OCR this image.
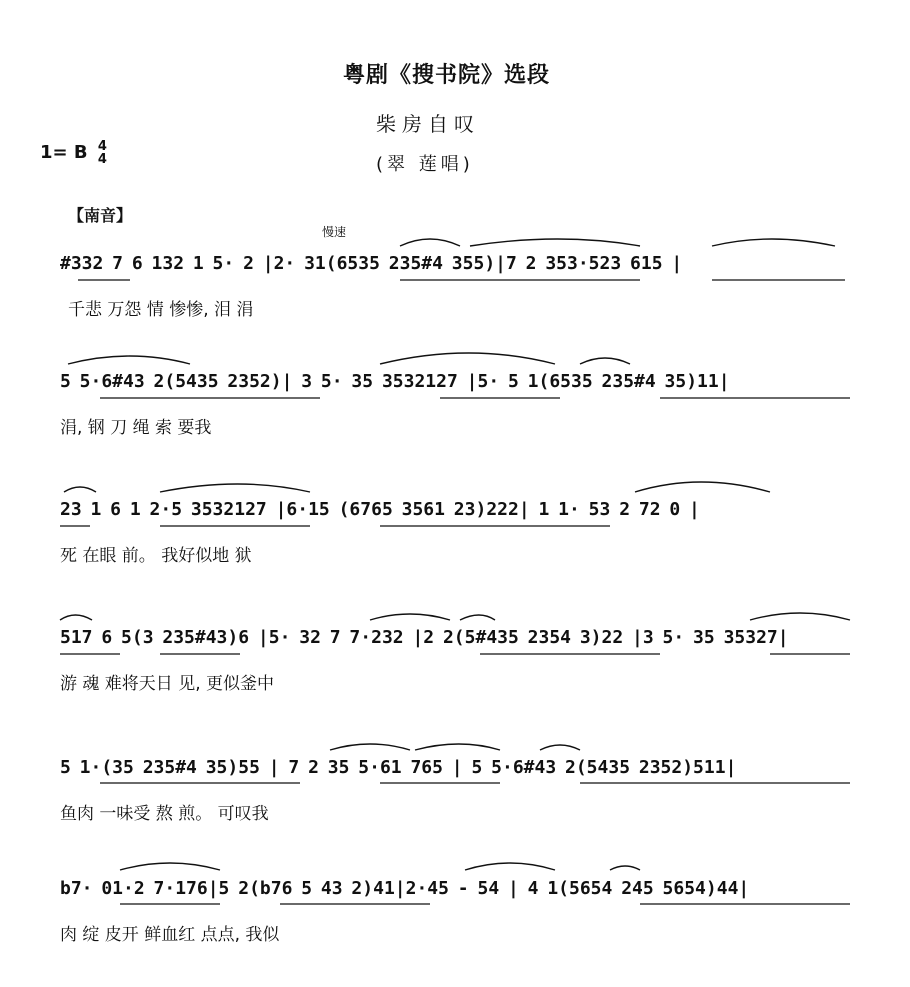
粤剧《搜书院》选段
柴房自叹
(翠 莲唱)
1= B 4
4
【南音】
慢速
#332 7 6 132 1 5· 2 |2· 31(6535 235#4 355)|7 2 353·523 615 |
千悲 万怨 情 惨惨, 泪 涓
5 5·6#43 2(5435 2352)| 3 5· 35 3532127 |5· 5 1(6535 235#4 35)11|
涓, 钢 刀 绳 索 要我
23 1 6 1 2·5 3532127 |6·15 (6765 3561 23)222| 1 1· 53 2 72 0 |
死 在眼 前。 我好似地 狱
517 6 5(3 235#43)6 |5· 32 7 7·232 |2 2(5#435 2354 3)22 |3 5· 35 35327|
游 魂 难将天日 见, 更似釜中
5 1·(35 235#4 35)55 | 7 2 35 5·61 765 | 5 5·6#43 2(5435 2352)511|
鱼肉 一味受 熬 煎。 可叹我
b7· 01·2 7·176|5 2(b76 5 43 2)41|2·45 - 54 | 4 1(5654 245 5654)44|
肉 绽 皮开 鲜血红 点点, 我似
